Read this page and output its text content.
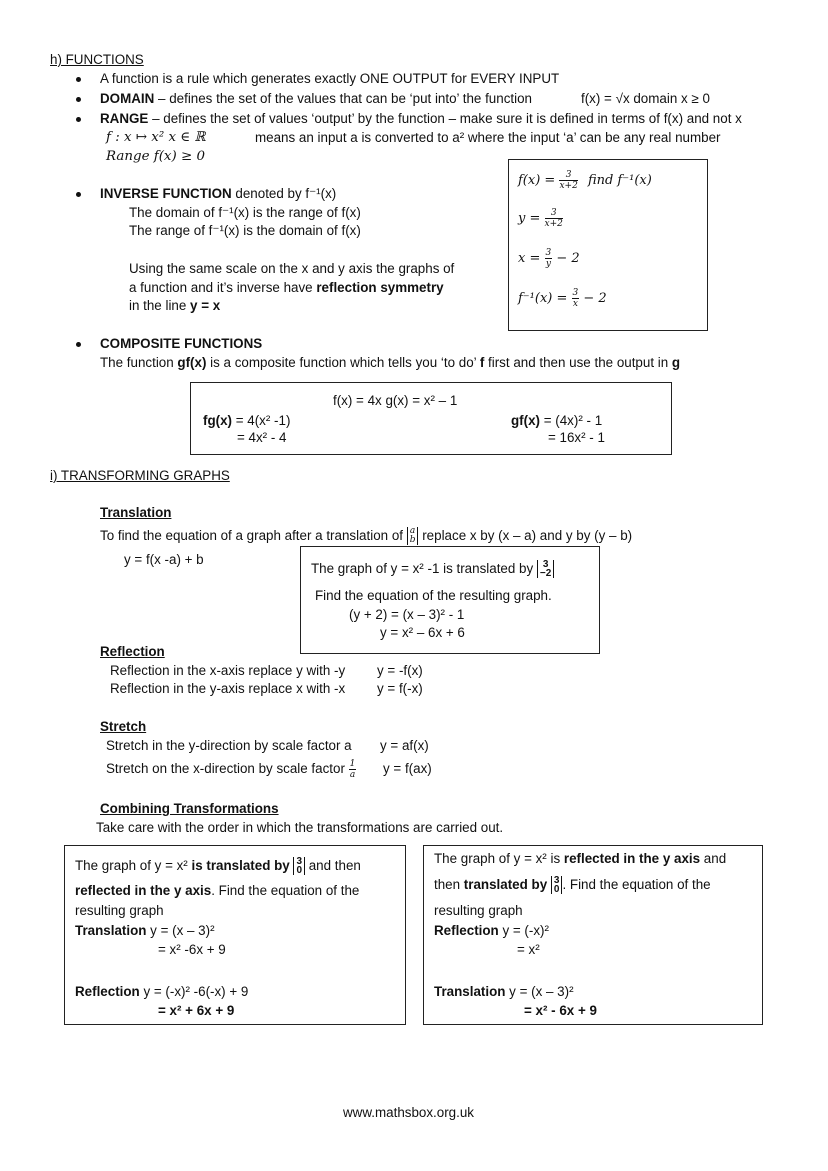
h) FUNCTIONS
A function is a rule which generates exactly ONE OUTPUT for EVERY INPUT
DOMAIN – defines the set of the values that can be ‘put into’ the function	f(x) = √x domain x ≥ 0
RANGE – defines the set of values ‘output’ by the function – make sure it is defined in terms of f(x) and not x
f : x ↦ x² x ∈ ℝ	means an input a is converted to a² where the input ‘a’ can be any real number
Range f(x) ≥ 0
$f(x) = \frac{3}{x+2}$ find f⁻¹(x)
$y = \frac{3}{x+2}$
$x = \frac{3}{y} - 2$
$f^{-1}(x) = \frac{3}{x} - 2$
INVERSE FUNCTION denoted by f⁻¹(x)
The domain of f⁻¹(x) is the range of f(x)
The range of f⁻¹(x) is the domain of f(x)
Using the same scale on the x and y axis the graphs of
a function and it’s inverse have reflection symmetry
in the line y = x
COMPOSITE FUNCTIONS
The function gf(x) is a composite function which tells you ‘to do’ f first and then use the output in g
f(x) = 4x g(x) = x² – 1
fg(x) = 4(x² -1)
= 4x² - 4
gf(x) = (4x)² - 1
= 16x² - 1
i) TRANSFORMING GRAPHS
Translation
To find the equation of a graph after a translation of a
b replace x by (x – a) and y by (y – b)
y = f(x -a) + b
The graph of y = x² -1 is translated by 3
−2
Find the equation of the resulting graph.
(y + 2) = (x – 3)² - 1
y = x² – 6x + 6
Reflection
Reflection in the x-axis replace y with -y y = -f(x)
Reflection in the y-axis replace x with -x y = f(-x)
Stretch
Stretch in the y-direction by scale factor a y = af(x)
Stretch on the x-direction by scale factor $\frac{1}{a}$ y = f(ax)
Combining Transformations
Take care with the order in which the transformations are carried out.
The graph of y = x² is translated by 3
0 and then
reflected in the y axis. Find the equation of the
resulting graph
Translation y = (x – 3)²
= x² -6x + 9
Reflection y = (-x)² -6(-x) + 9
= x² + 6x + 9
The graph of y = x² is reflected in the y axis and
then translated by 3
0 . Find the equation of the
resulting graph
Reflection y = (-x)²
= x²
Translation y = (x – 3)²
= x² - 6x + 9
www.mathsbox.org.uk
